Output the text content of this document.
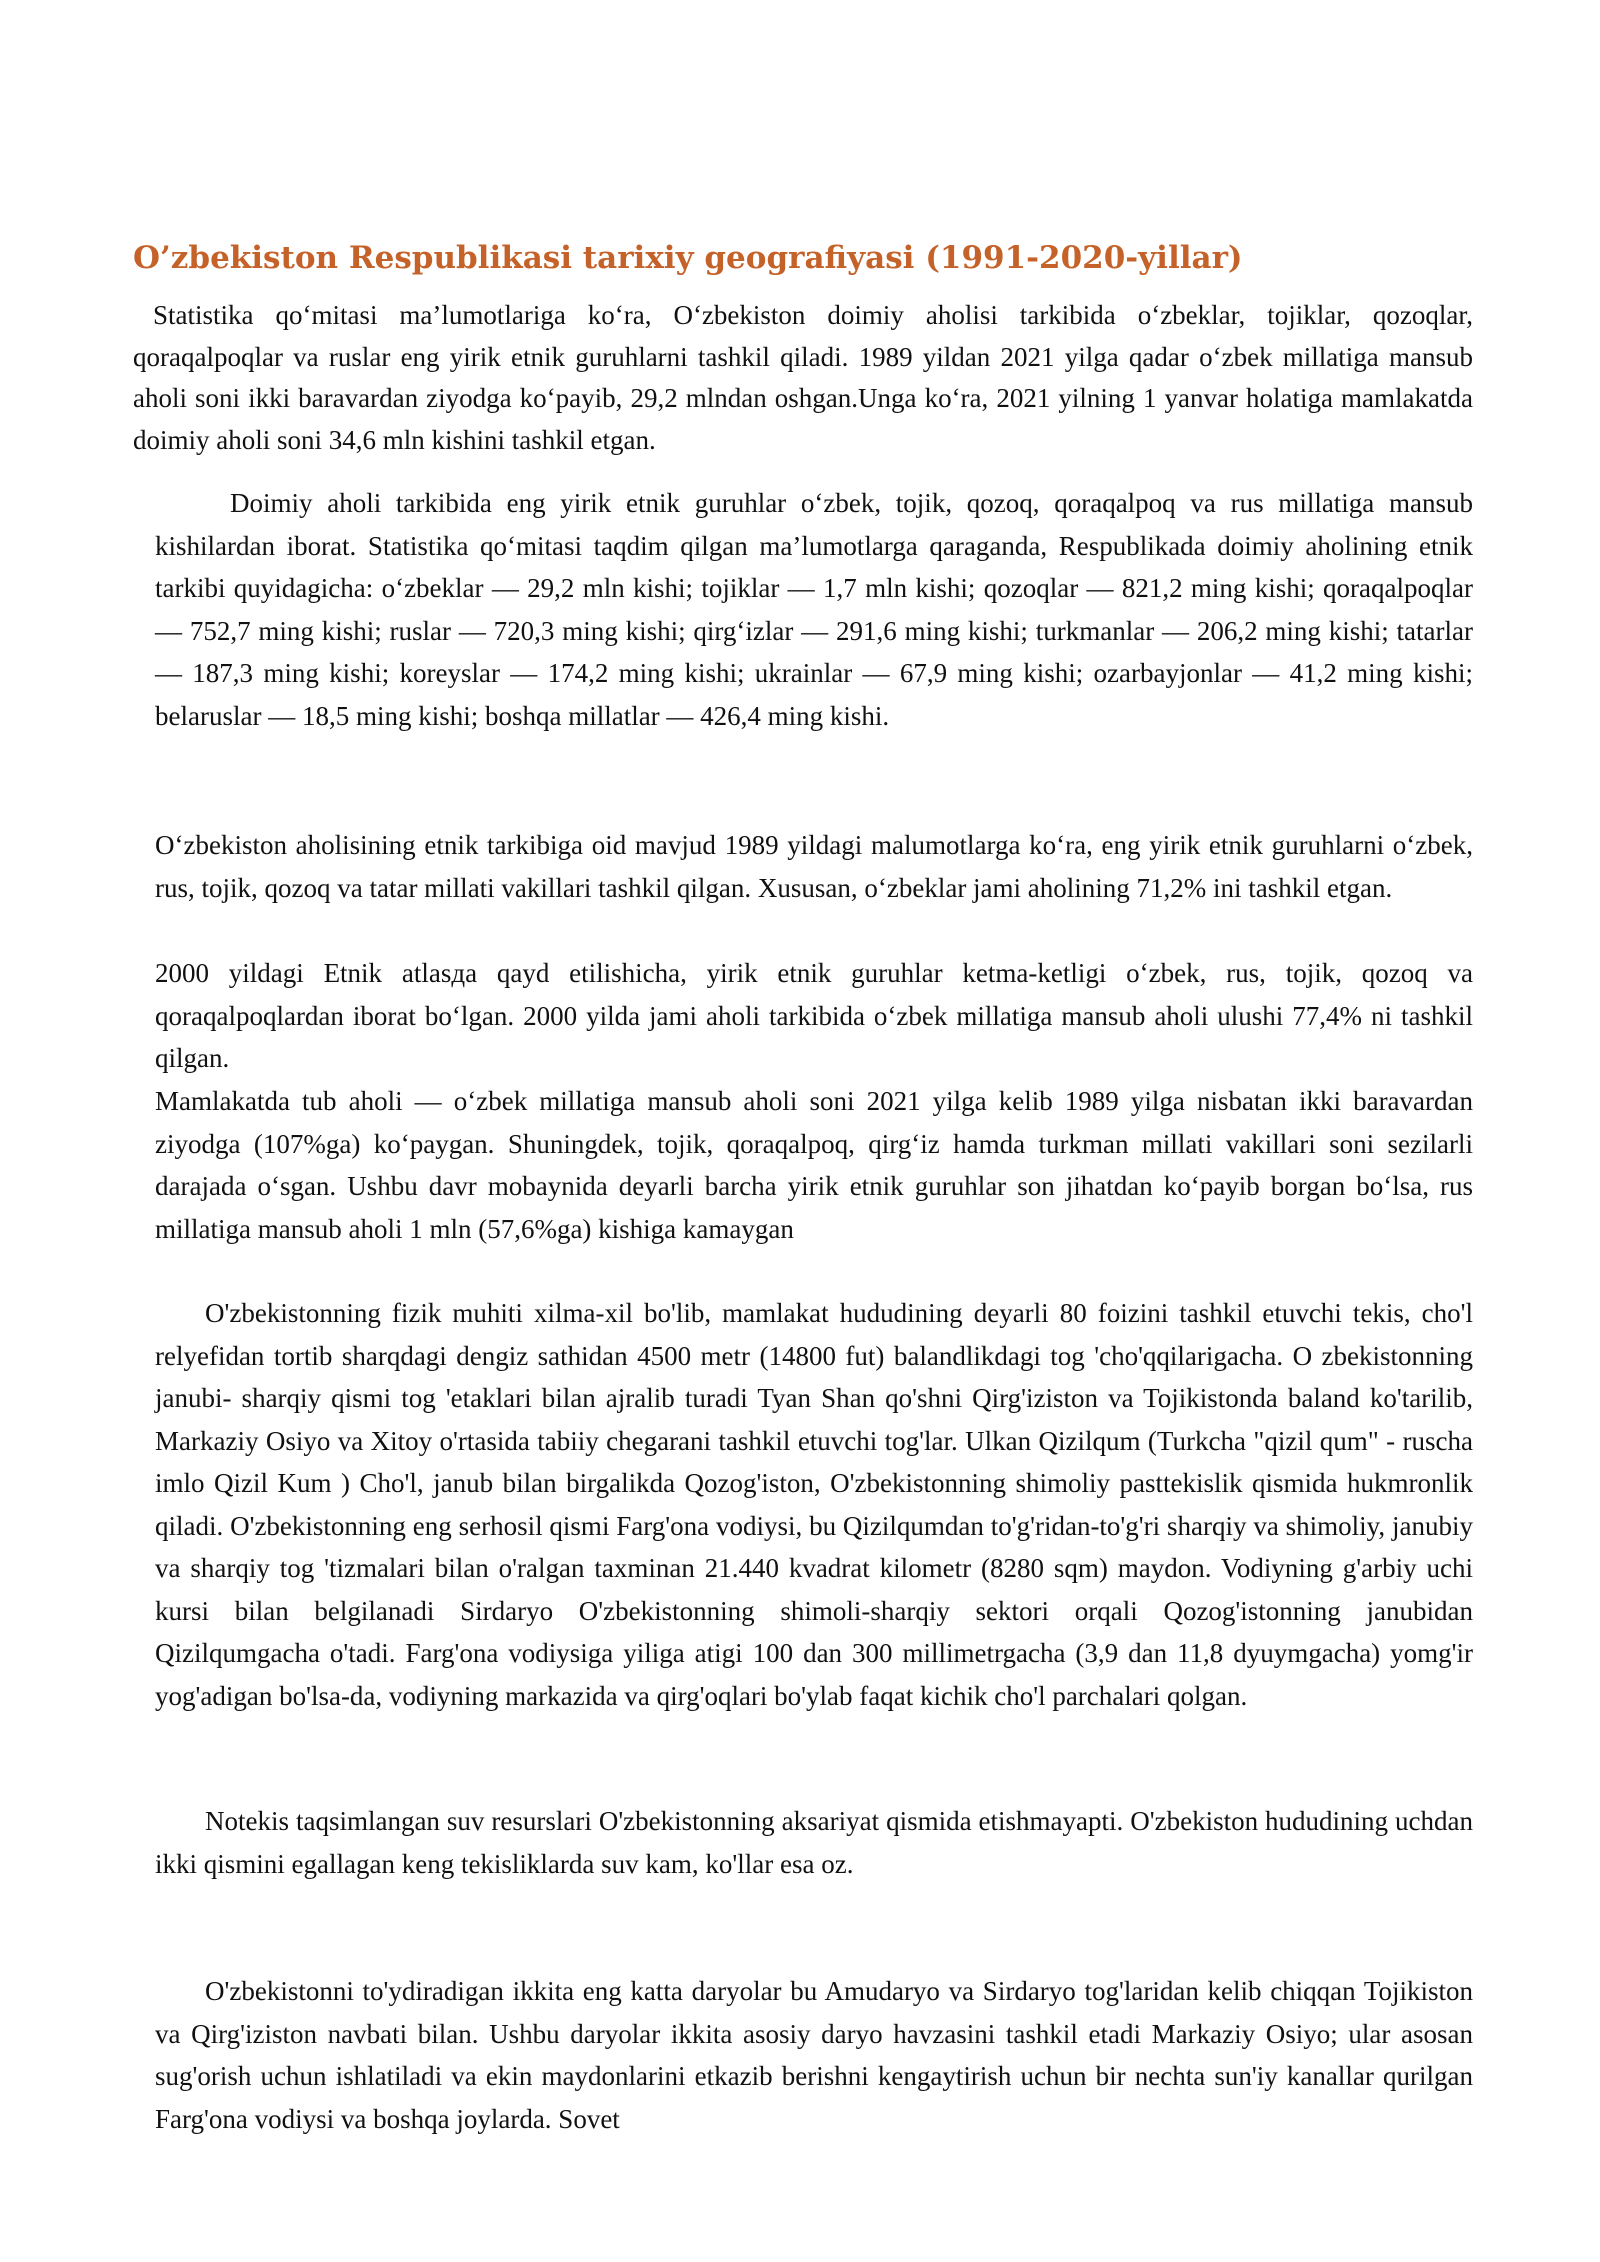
O’zbekiston Respublikasi tarixiy geografiyasi (1991-2020-yillar)

Statistika qo‘mitasi ma’lumotlariga ko‘ra, O‘zbekiston doimiy aholisi tarkibida o‘zbeklar, tojiklar, qozoqlar, qoraqalpoqlar va ruslar eng yirik etnik guruhlarni tashkil qiladi. 1989 yildan 2021 yilga qadar o‘zbek millatiga mansub aholi soni ikki baravardan ziyodga ko‘payib, 29,2 mlndan oshgan.Unga ko‘ra, 2021 yilning 1 yanvar holatiga mamlakatda doimiy aholi soni 34,6 mln kishini tashkil etgan.

Doimiy aholi tarkibida eng yirik etnik guruhlar o‘zbek, tojik, qozoq, qoraqalpoq va rus millatiga mansub kishilardan iborat. Statistika qo‘mitasi taqdim qilgan ma’lumotlarga qaraganda, Respublikada doimiy aholining etnik tarkibi quyidagicha: o‘zbeklar — 29,2 mln kishi; tojiklar — 1,7 mln kishi; qozoqlar — 821,2 ming kishi; qoraqalpoqlar — 752,7 ming kishi; ruslar — 720,3 ming kishi; qirg‘izlar — 291,6 ming kishi; turkmanlar — 206,2 ming kishi; tatarlar — 187,3 ming kishi; koreyslar — 174,2 ming kishi; ukrainlar — 67,9 ming kishi; ozarbayjonlar — 41,2 ming kishi; belaruslar — 18,5 ming kishi; boshqa millatlar — 426,4 ming kishi.

O‘zbekiston aholisining etnik tarkibiga oid mavjud 1989 yildagi malumotlarga ko‘ra, eng yirik etnik guruhlarni o‘zbek, rus, tojik, qozoq va tatar millati vakillari tashkil qilgan. Xususan, o‘zbeklar jami aholining 71,2% ini tashkil etgan.

2000 yildagi Etnik atlasда qayd etilishicha, yirik etnik guruhlar ketma-ketligi o‘zbek, rus, tojik, qozoq va qoraqalpoqlardan iborat bo‘lgan. 2000 yilda jami aholi tarkibida o‘zbek millatiga mansub aholi ulushi 77,4% ni tashkil qilgan.

Mamlakatda tub aholi — o‘zbek millatiga mansub aholi soni 2021 yilga kelib 1989 yilga nisbatan ikki baravardan ziyodga (107%ga) ko‘paygan. Shuningdek, tojik, qoraqalpoq, qirg‘iz hamda turkman millati vakillari soni sezilarli darajada o‘sgan. Ushbu davr mobaynida deyarli barcha yirik etnik guruhlar son jihatdan ko‘payib borgan bo‘lsa, rus millatiga mansub aholi 1 mln (57,6%ga) kishiga kamaygan

O'zbekistonning fizik muhiti xilma-xil bo'lib, mamlakat hududining deyarli 80 foizini tashkil etuvchi tekis, cho'l relyefidan tortib sharqdagi dengiz sathidan 4500 metr (14800 fut) balandlikdagi tog 'cho'qqilarigacha. O zbekistonning janubi- sharqiy qismi tog 'etaklari bilan ajralib turadi Tyan Shan qo'shni Qirg'iziston va Tojikistonda baland ko'tarilib, Markaziy Osiyo va Xitoy o'rtasida tabiiy chegarani tashkil etuvchi tog'lar. Ulkan Qizilqum (Turkcha "qizil qum" - ruscha imlo Qizil Kum ) Cho'l, janub bilan birgalikda Qozog'iston, O'zbekistonning shimoliy pasttekislik qismida hukmronlik qiladi. O'zbekistonning eng serhosil qismi Farg'ona vodiysi, bu Qizilqumdan to'g'ridan-to'g'ri sharqiy va shimoliy, janubiy va sharqiy tog 'tizmalari bilan o'ralgan taxminan 21.440 kvadrat kilometr (8280 sqm) maydon. Vodiyning g'arbiy uchi kursi bilan belgilanadi Sirdaryo O'zbekistonning shimoli-sharqiy sektori orqali Qozog'istonning janubidan Qizilqumgacha o'tadi. Farg'ona vodiysiga yiliga atigi 100 dan 300 millimetrgacha (3,9 dan 11,8 dyuymgacha) yomg'ir yog'adigan bo'lsa-da, vodiyning markazida va qirg'oqlari bo'ylab faqat kichik cho'l parchalari qolgan.

Notekis taqsimlangan suv resurslari O'zbekistonning aksariyat qismida etishmayapti. O'zbekiston hududining uchdan ikki qismini egallagan keng tekisliklarda suv kam, ko'llar esa oz.

O'zbekistonni to'ydiradigan ikkita eng katta daryolar bu Amudaryo va Sirdaryo tog'laridan kelib chiqqan Tojikiston va Qirg'iziston navbati bilan. Ushbu daryolar ikkita asosiy daryo havzasini tashkil etadi Markaziy Osiyo; ular asosan sug'orish uchun ishlatiladi va ekin maydonlarini etkazib berishni kengaytirish uchun bir nechta sun'iy kanallar qurilgan Farg'ona vodiysi va boshqa joylarda. Sovet
